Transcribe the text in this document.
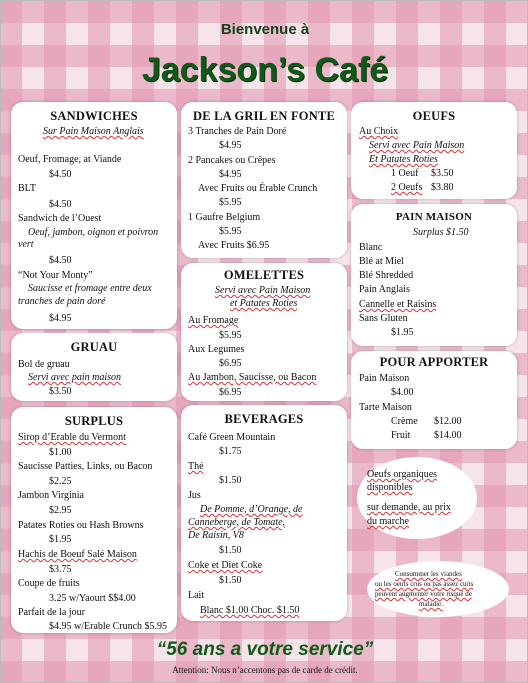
Bienvenue à
Jackson’s Café
SANDWICHES
Sur Pain Maison Anglais
Oeuf, Fromage, at Viande
$4.50
BLT
$4.50
Sandwich de l’Ouest
Oeuf, jambon, oignon et poivron
vert
$4.50
“Not Your Monty”
Saucisse et fromage entre deux
tranches de pain doré
$4.95
GRUAU
Bol de gruau
Servi avec pain maison
$3.50
SURPLUS
Sirop d’Erable du Vermont
$1.00
Saucisse Patties, Links, ou Bacon
$2.25
Jambon Virginia
$2.95
Patates Roties ou Hash Browns
$1.95
Hachis de Boeuf Salé Maison
$3.75
Coupe de fruits
3.25 w/Yaourt $$4.00
Parfait de la jour
$4.95 w/Erable Crunch $5.95
DE LA GRIL EN FONTE
3 Tranches de Pain Doré
$4.95
2 Pancakes ou Crêpes
$4.95
Avec Fruits ou Érable Crunch
$5.95
1 Gaufre Belgium
$5.95
Avec Fruits $6.95
OMELETTES
Servi avec Pain Maison
et Patates Roties
Au Fromage
$5.95
Aux Legumes
$6.95
Au Jambon, Saucisse, ou Bacon
$6.95
BEVERAGES
Café Green Mountain
$1.75
Thé
$1.50
Jus
De Pomme, d’Orange, de
Canneberge, de Tomate,
De Raisin, V8
$1.50
Coke et Diet Coke
$1.50
Lait
Blanc $1.00 Choc. $1.50
OEUFS
Au Choix
Servi avec Pain Maison
Et Patates Roties
1 Oeuf $3.50
2 Oeufs $3.80
PAIN MAISON
Surplus $1.50
Blanc
Blé at Miel
Blé Shredded
Pain Anglais
Cannelle et Raisins
Sans Gluten
$1.95
POUR APPORTER
Pain Maison
$4.00
Tarte Maison
Crème $12.00
Fruit $14.00
Oeufs organiques
disponibles
sur demande, au prix
du marche
Consummer les viandes
ou les oeufs crus ou pas assez cuits
peuvent augmenter votre risqué de
maladie.
“56 ans a votre service”
Attention: Nous n’accentons pas de carde de crédit.
